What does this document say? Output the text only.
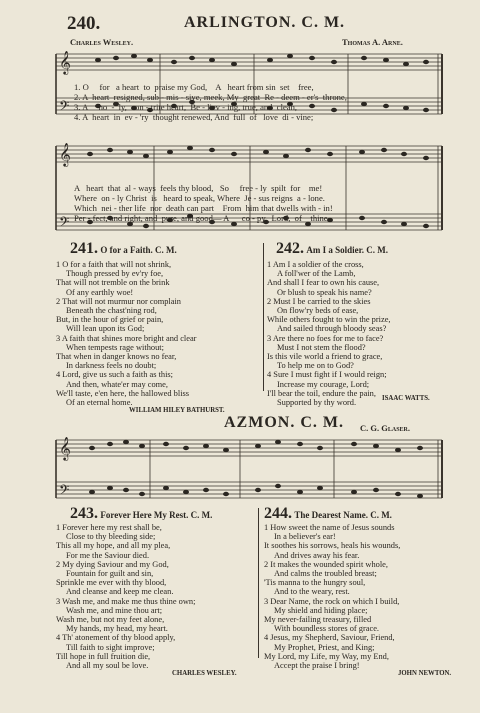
240.	ARLINGTON. C. M.
Charles Wesley.	Thomas A. Arne.
𝄞
𝄢

1. O     for   a heart  to  praise my God,    A   heart from sin  set    free,
2. A  heart  resigned, sub - mis - sive, meek, My  great  Re - deem - er's  throne,
3. A     ho  -  ly,  con - trite heart,  Be - liev - ing, true, and  clean,
4. A  heart  in  ev - 'ry  thought renewed, And  full  of   love  di - vine;
𝄞
𝄢

A   heart  that  al - ways  feels thy blood,   So     free - ly  spilt  for    me!
Where  on - ly Christ  is   heard to speak, Where  Je - sus reigns  a - lone.
Which  nei - ther life  nor  death can part    From  him that dwells with - in!
Per - fect, and right, and  pure, and good— A      co - py,  Lord,  of    thine.
241. O for a Faith. C. M.	242. Am I a Soldier. C. M.
1 O for a faith that will not shrink,
Though pressed by ev'ry foe,
That will not tremble on the brink
Of any earthly woe!
2 That will not murmur nor complain
Beneath the chast'ning rod,
But, in the hour of grief or pain,
Will lean upon its God;
3 A faith that shines more bright and clear
When tempests rage without;
That when in danger knows no fear,
In darkness feels no doubt;
4 Lord, give us such a faith as this;
And then, whate'er may come,
We'll taste, e'en here, the hallowed bliss
Of an eternal home.
WILLIAM HILEY BATHURST.
1 Am I a soldier of the cross,
A foll'wer of the Lamb,
And shall I fear to own his cause,
Or blush to speak his name?
2 Must I be carried to the skies
On flow'ry beds of ease,
While others fought to win the prize,
And sailed through bloody seas?
3 Are there no foes for me to face?
Must I not stem the flood?
Is this vile world a friend to grace,
To help me on to God?
4 Sure I must fight if I would reign;
Increase my courage, Lord;
I'll bear the toil, endure the pain,
Supported by thy word.	ISAAC WATTS.
AZMON. C. M. C. G. Glaser.
𝄞
𝄢
243. Forever Here My Rest. C. M.	244. The Dearest Name. C. M.
1 Forever here my rest shall be,
Close to thy bleeding side;
This all my hope, and all my plea,
For me the Saviour died.
2 My dying Saviour and my God,
Fountain for guilt and sin,
Sprinkle me ever with thy blood,
And cleanse and keep me clean.
3 Wash me, and make me thus thine own;
Wash me, and mine thou art;
Wash me, but not my feet alone,
My hands, my head, my heart.
4 Th' atonement of thy blood apply,
Till faith to sight improve;
Till hope in full fruition die,
And all my soul be love.
CHARLES WESLEY.
1 How sweet the name of Jesus sounds
In a believer's ear!
It soothes his sorrows, heals his wounds,
And drives away his fear.
2 It makes the wounded spirit whole,
And calms the troubled breast;
'Tis manna to the hungry soul,
And to the weary, rest.
3 Dear Name, the rock on which I build,
My shield and hiding place;
My never-failing treasury, filled
With boundless stores of grace.
4 Jesus, my Shepherd, Saviour, Friend,
My Prophet, Priest, and King;
My Lord, my Life, my Way, my End,
Accept the praise I bring!
JOHN NEWTON.
